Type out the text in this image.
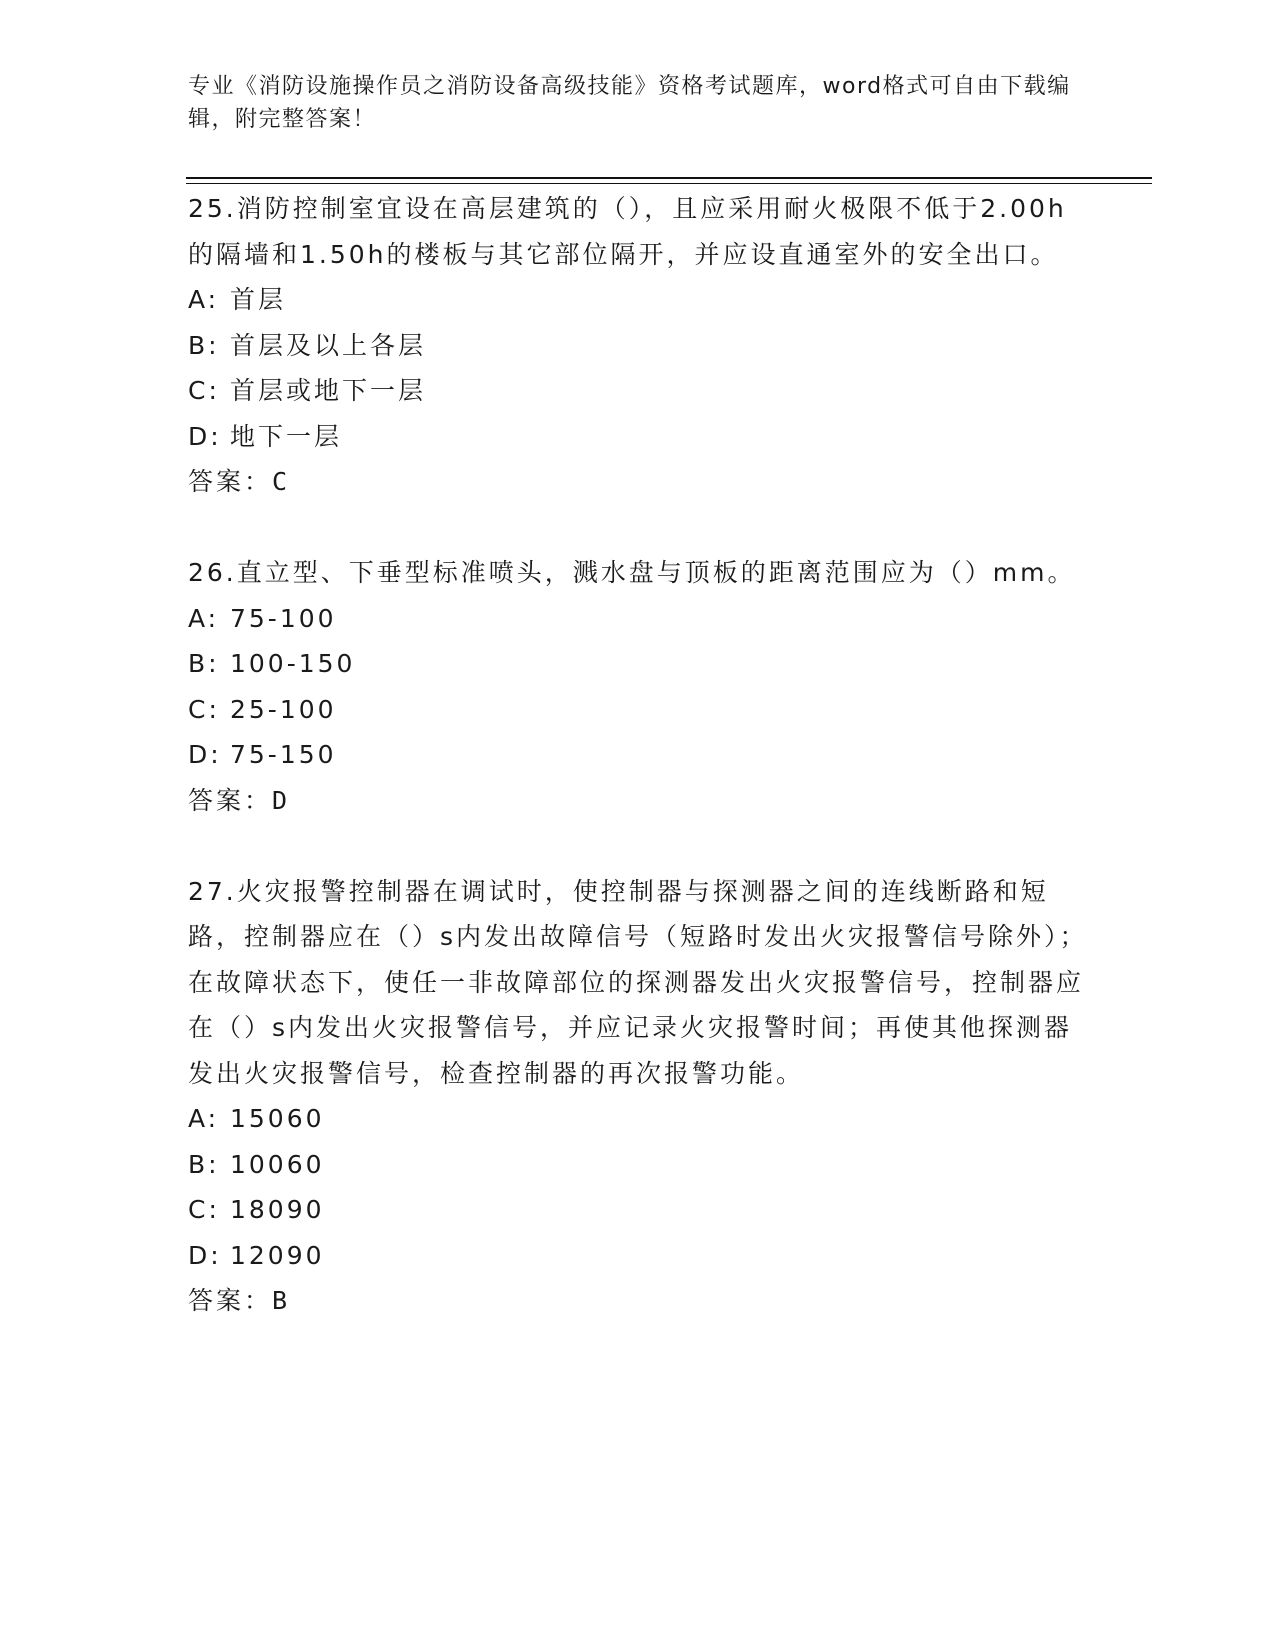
专业《消防设施操作员之消防设备高级技能》资格考试题库，word格式可自由下载编辑，附完整答案！

25.消防控制室宜设在高层建筑的（），且应采用耐火极限不低于2.00h的隔墙和1.50h的楼板与其它部位隔开，并应设直通室外的安全出口。

A: 首层

B: 首层及以上各层

C: 首层或地下一层

D: 地下一层

答案：C

26.直立型、下垂型标准喷头，溅水盘与顶板的距离范围应为（）mm。

A: 75-100

B: 100-150

C: 25-100

D: 75-150

答案：D

27.火灾报警控制器在调试时，使控制器与探测器之间的连线断路和短路，控制器应在（）s内发出故障信号（短路时发出火灾报警信号除外）；在故障状态下，使任一非故障部位的探测器发出火灾报警信号，控制器应在（）s内发出火灾报警信号，并应记录火灾报警时间；再使其他探测器发出火灾报警信号，检查控制器的再次报警功能。

A: 15060

B: 10060

C: 18090

D: 12090

答案：B
